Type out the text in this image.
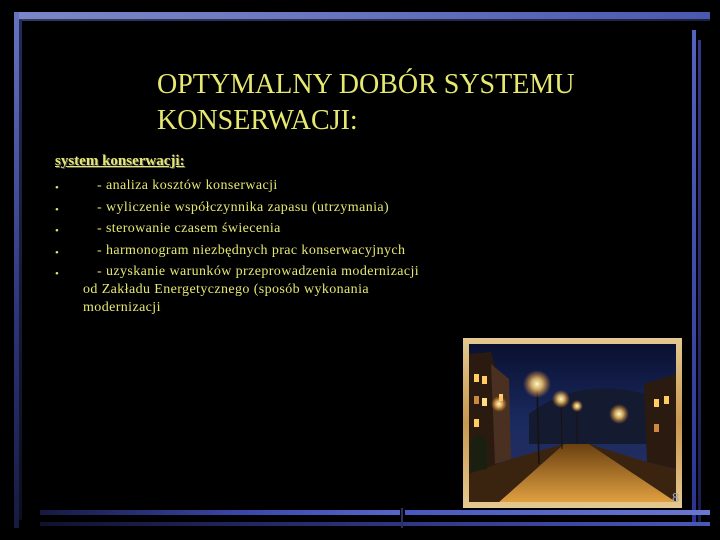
OPTYMALNY DOBÓR SYSTEMU
KONSERWACJI:
system konserwacji:
•	- analiza kosztów konserwacji
•	- wyliczenie współczynnika zapasu (utrzymania)
•	- sterowanie czasem świecenia
•	- harmonogram niezbędnych prac konserwacyjnych
•	- uzyskanie warunków przeprowadzenia modernizacji
od Zakładu Energetycznego (sposób wykonania
modernizacji
8
